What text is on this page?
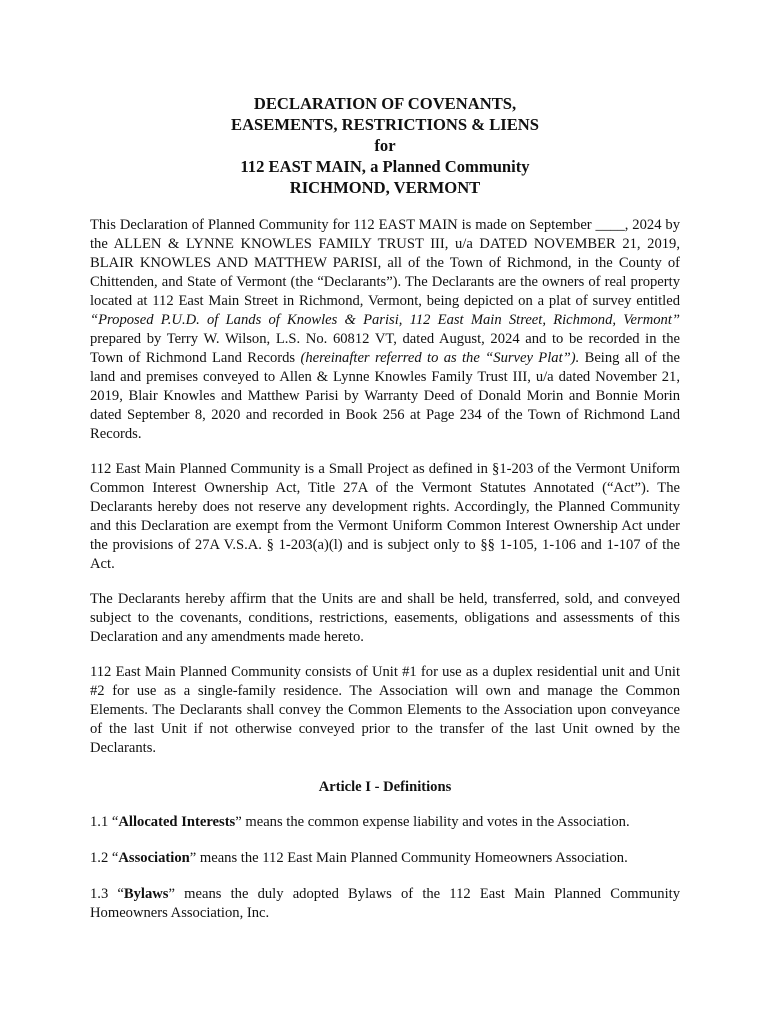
DECLARATION OF COVENANTS,
EASEMENTS, RESTRICTIONS & LIENS
for
112 EAST MAIN, a Planned Community
RICHMOND, VERMONT

This Declaration of Planned Community for 112 EAST MAIN is made on September ____, 2024 by the ALLEN & LYNNE KNOWLES FAMILY TRUST III, u/a DATED NOVEMBER 21, 2019, BLAIR KNOWLES AND MATTHEW PARISI, all of the Town of Richmond, in the County of Chittenden, and State of Vermont (the “Declarants”). The Declarants are the owners of real property located at 112 East Main Street in Richmond, Vermont, being depicted on a plat of survey entitled “Proposed P.U.D. of Lands of Knowles & Parisi, 112 East Main Street, Richmond, Vermont” prepared by Terry W. Wilson, L.S. No. 60812 VT, dated August, 2024 and to be recorded in the Town of Richmond Land Records (hereinafter referred to as the “Survey Plat”). Being all of the land and premises conveyed to Allen & Lynne Knowles Family Trust III, u/a dated November 21, 2019, Blair Knowles and Matthew Parisi by Warranty Deed of Donald Morin and Bonnie Morin dated September 8, 2020 and recorded in Book 256 at Page 234 of the Town of Richmond Land Records.

112 East Main Planned Community is a Small Project as defined in §1-203 of the Vermont Uniform Common Interest Ownership Act, Title 27A of the Vermont Statutes Annotated (“Act”). The Declarants hereby does not reserve any development rights. Accordingly, the Planned Community and this Declaration are exempt from the Vermont Uniform Common Interest Ownership Act under the provisions of 27A V.S.A. § 1-203(a)(l) and is subject only to §§ 1-105, 1-106 and 1-107 of the Act.

The Declarants hereby affirm that the Units are and shall be held, transferred, sold, and conveyed subject to the covenants, conditions, restrictions, easements, obligations and assessments of this Declaration and any amendments made hereto.

112 East Main Planned Community consists of Unit #1 for use as a duplex residential unit and Unit #2 for use as a single-family residence. The Association will own and manage the Common Elements. The Declarants shall convey the Common Elements to the Association upon conveyance of the last Unit if not otherwise conveyed prior to the transfer of the last Unit owned by the Declarants.

Article I - Definitions

1.1 “Allocated Interests” means the common expense liability and votes in the Association.

1.2 “Association” means the 112 East Main Planned Community Homeowners Association.

1.3 “Bylaws” means the duly adopted Bylaws of the 112 East Main Planned Community Homeowners Association, Inc.
